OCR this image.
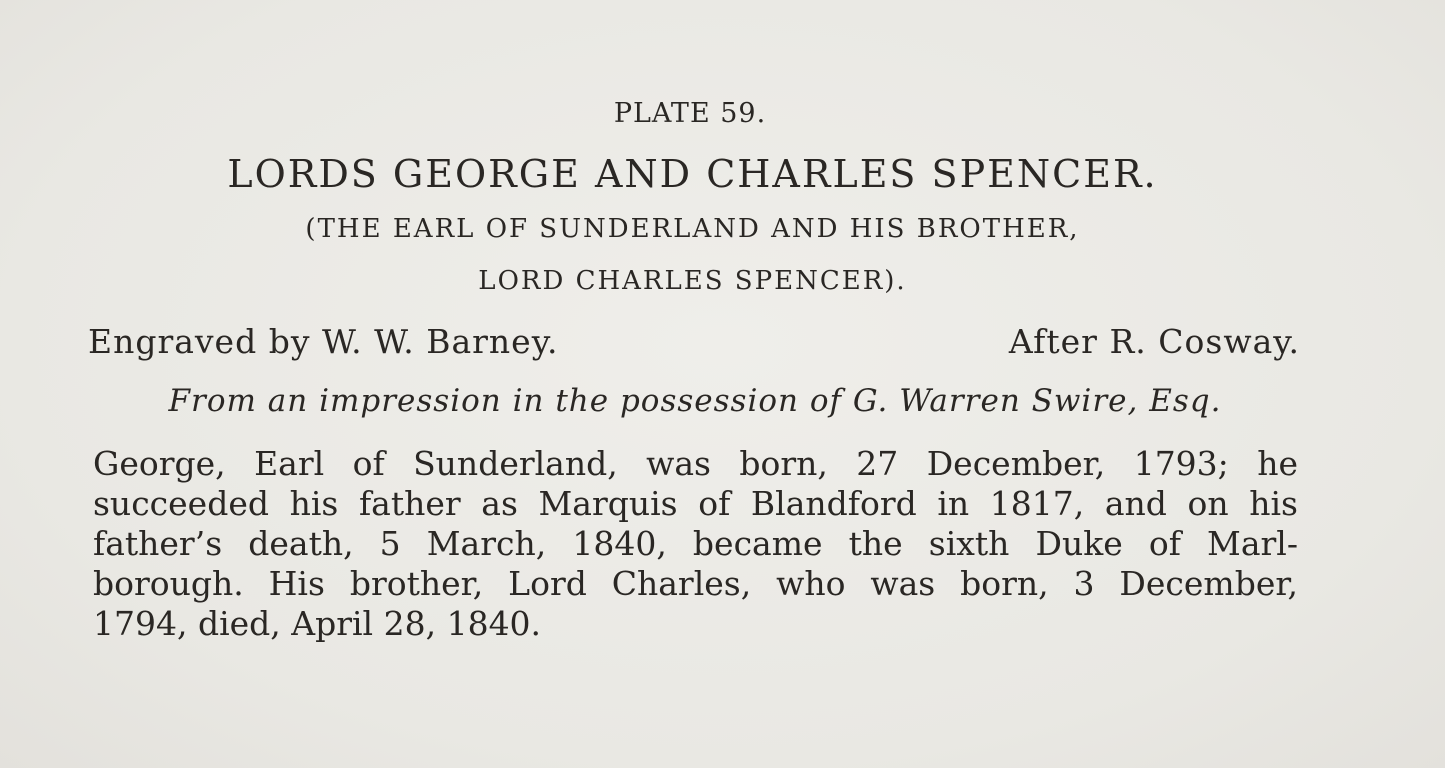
PLATE 59.
LORDS GEORGE AND CHARLES SPENCER.
(THE EARL OF SUNDERLAND AND HIS BROTHER,
LORD CHARLES SPENCER).
Engraved by W. W. Barney.	After R. Cosway.
From an impression in the possession of G. Warren Swire, Esq.
George, Earl of Sunderland, was born, 27 December, 1793; he
succeeded his father as Marquis of Blandford in 1817, and on his
father’s death, 5 March, 1840, became the sixth Duke of Marl-
borough. His brother, Lord Charles, who was born, 3 December,
1794, died, April 28, 1840.
